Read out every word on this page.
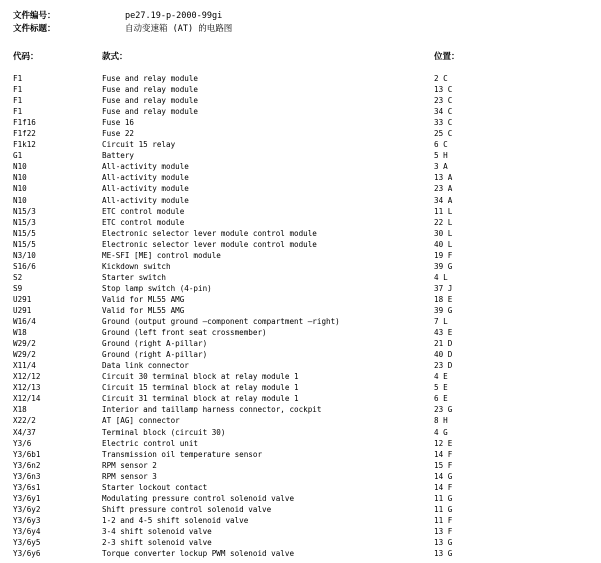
文件编号：	pe27.19-p-2000-99gi
文件标题：	自动变速箱 (AT) 的电路图
代码：	款式：	位置：
F1	Fuse and relay module	2 C
F1	Fuse and relay module	13 C
F1	Fuse and relay module	23 C
F1	Fuse and relay module	34 C
F1f16	Fuse 16	33 C
F1f22	Fuse 22	25 C
F1k12	Circuit 15 relay	6 C
G1	Battery	5 H
N10	All-activity module	3 A
N10	All-activity module	13 A
N10	All-activity module	23 A
N10	All-activity module	34 A
N15/3	ETC control module	11 L
N15/3	ETC control module	22 L
N15/5	Electronic selector lever module control module	30 L
N15/5	Electronic selector lever module control module	40 L
N3/10	ME-SFI [ME] control module	19 F
S16/6	Kickdown switch	39 G
S2	Starter switch	4 L
S9	Stop lamp switch (4-pin)	37 J
U291	Valid for ML55 AMG	18 E
U291	Valid for ML55 AMG	39 G
W16/4	Ground (output ground —component compartment —right)	7 L
W18	Ground (left front seat crossmember)	43 E
W29/2	Ground (right A-pillar)	21 D
W29/2	Ground (right A-pillar)	40 D
X11/4	Data link connector	23 D
X12/12	Circuit 30 terminal block at relay module 1	4 E
X12/13	Circuit 15 terminal block at relay module 1	5 E
X12/14	Circuit 31 terminal block at relay module 1	6 E
X18	Interior and taillamp harness connector, cockpit	23 G
X22/2	AT [AG] connector	8 H
X4/37	Terminal block (circuit 30)	4 G
Y3/6	Electric control unit	12 E
Y3/6b1	Transmission oil temperature sensor	14 F
Y3/6n2	RPM sensor 2	15 F
Y3/6n3	RPM sensor 3	14 G
Y3/6s1	Starter lockout contact	14 F
Y3/6y1	Modulating pressure control solenoid valve	11 G
Y3/6y2	Shift pressure control solenoid valve	11 G
Y3/6y3	1-2 and 4-5 shift solenoid valve	11 F
Y3/6y4	3-4 shift solenoid valve	13 F
Y3/6y5	2-3 shift solenoid valve	13 G
Y3/6y6	Torque converter lockup PWM solenoid valve	13 G
